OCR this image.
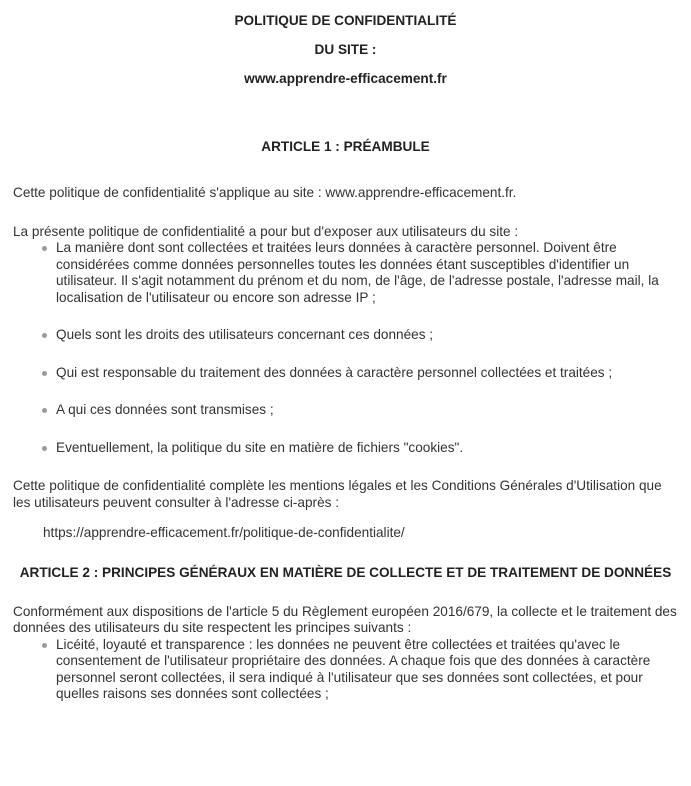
POLITIQUE DE CONFIDENTIALITÉ
DU SITE :
www.apprendre-efficacement.fr
ARTICLE 1 : PRÉAMBULE

Cette politique de confidentialité s'applique au site : www.apprendre-efficacement.fr.

La présente politique de confidentialité a pour but d'exposer aux utilisateurs du site :

La manière dont sont collectées et traitées leurs données à caractère personnel. Doivent être considérées comme données personnelles toutes les données étant susceptibles d'identifier un utilisateur. Il s'agit notamment du prénom et du nom, de l'âge, de l'adresse postale, l'adresse mail, la localisation de l'utilisateur ou encore son adresse IP ;
Quels sont les droits des utilisateurs concernant ces données ;
Qui est responsable du traitement des données à caractère personnel collectées et traitées ;
A qui ces données sont transmises ;
Eventuellement, la politique du site en matière de fichiers "cookies".

Cette politique de confidentialité complète les mentions légales et les Conditions Générales d'Utilisation que les utilisateurs peuvent consulter à l'adresse ci-après :

https://apprendre-efficacement.fr/politique-de-confidentialite/
ARTICLE 2 : PRINCIPES GÉNÉRAUX EN MATIÈRE DE COLLECTE ET DE TRAITEMENT DE DONNÉES

Conformément aux dispositions de l'article 5 du Règlement européen 2016/679, la collecte et le traitement des données des utilisateurs du site respectent les principes suivants :

Licéité, loyauté et transparence : les données ne peuvent être collectées et traitées qu'avec le consentement de l'utilisateur propriétaire des données. A chaque fois que des données à caractère personnel seront collectées, il sera indiqué à l'utilisateur que ses données sont collectées, et pour quelles raisons ses données sont collectées ;
